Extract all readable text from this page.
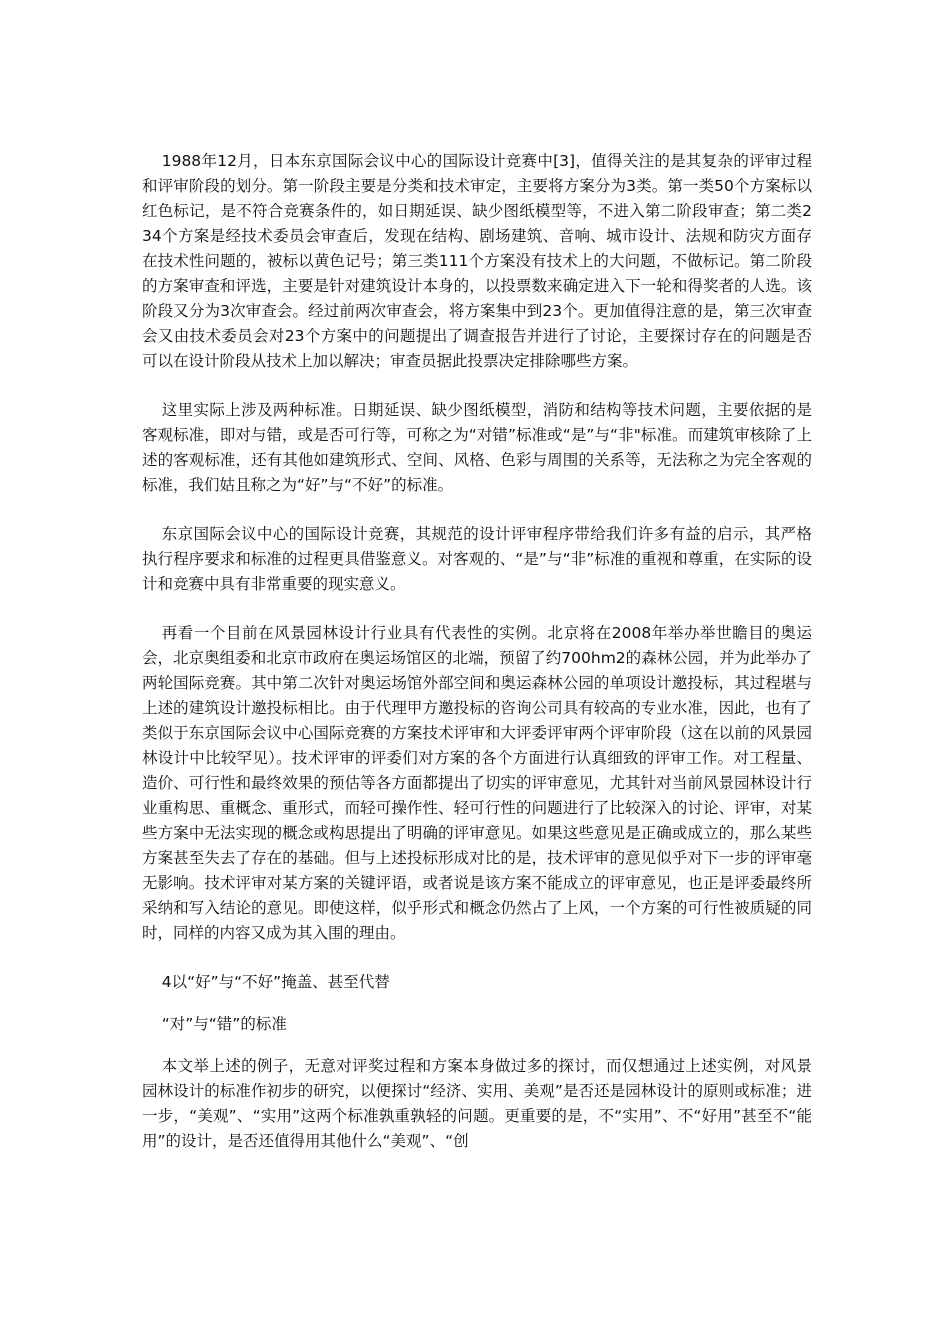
1988年12月，日本东京国际会议中心的国际设计竞赛中[3]，值得关注的是其复杂的评审过程和评审阶段的划分。第一阶段主要是分类和技术审定，主要将方案分为3类。第一类50个方案标以红色标记，是不符合竞赛条件的，如日期延误、缺少图纸模型等，不进入第二阶段审查；第二类234个方案是经技术委员会审查后，发现在结构、剧场建筑、音响、城市设计、法规和防灾方面存在技术性问题的，被标以黄色记号；第三类111个方案没有技术上的大问题，不做标记。第二阶段的方案审查和评选，主要是针对建筑设计本身的，以投票数来确定进入下一轮和得奖者的人选。该阶段又分为3次审查会。经过前两次审查会，将方案集中到23个。更加值得注意的是，第三次审查会又由技术委员会对23个方案中的问题提出了调查报告并进行了讨论，主要探讨存在的问题是否可以在设计阶段从技术上加以解决；审查员据此投票决定排除哪些方案。

这里实际上涉及两种标准。日期延误、缺少图纸模型，消防和结构等技术问题，主要依据的是客观标准，即对与错，或是否可行等，可称之为“对错”标准或“是”与“非"标准。而建筑审核除了上述的客观标准，还有其他如建筑形式、空间、风格、色彩与周围的关系等，无法称之为完全客观的标准，我们姑且称之为“好”与“不好”的标准。

东京国际会议中心的国际设计竞赛，其规范的设计评审程序带给我们许多有益的启示，其严格执行程序要求和标准的过程更具借鉴意义。对客观的、“是”与“非”标准的重视和尊重，在实际的设计和竞赛中具有非常重要的现实意义。

再看一个目前在风景园林设计行业具有代表性的实例。北京将在2008年举办举世瞻目的奥运会，北京奥组委和北京市政府在奥运场馆区的北端，预留了约700hm2的森林公园，并为此举办了两轮国际竞赛。其中第二次针对奥运场馆外部空间和奥运森林公园的单项设计邀投标，其过程堪与上述的建筑设计邀投标相比。由于代理甲方邀投标的咨询公司具有较高的专业水准，因此，也有了类似于东京国际会议中心国际竞赛的方案技术评审和大评委评审两个评审阶段（这在以前的风景园林设计中比较罕见）。技术评审的评委们对方案的各个方面进行认真细致的评审工作。对工程量、造价、可行性和最终效果的预估等各方面都提出了切实的评审意见，尤其针对当前风景园林设计行业重构思、重概念、重形式，而轻可操作性、轻可行性的问题进行了比较深入的讨论、评审，对某些方案中无法实现的概念或构思提出了明确的评审意见。如果这些意见是正确或成立的，那么某些方案甚至失去了存在的基础。但与上述投标形成对比的是，技术评审的意见似乎对下一步的评审毫无影响。技术评审对某方案的关键评语，或者说是该方案不能成立的评审意见，也正是评委最终所采纳和写入结论的意见。即使这样，似乎形式和概念仍然占了上风，一个方案的可行性被质疑的同时，同样的内容又成为其入围的理由。

4以“好”与“不好”掩盖、甚至代替

“对”与“错”的标准

本文举上述的例子，无意对评奖过程和方案本身做过多的探讨，而仅想通过上述实例，对风景园林设计的标准作初步的研究，以便探讨“经济、实用、美观”是否还是园林设计的原则或标准；进一步，“美观”、“实用”这两个标准孰重孰轻的问题。更重要的是，不“实用”、不“好用”甚至不“能用”的设计，是否还值得用其他什么“美观”、“创
